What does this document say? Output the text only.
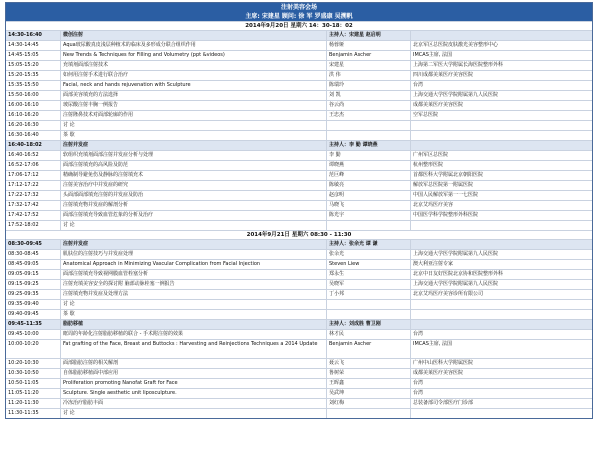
注射美容会场
主席: 宋建星 顾问: 徐 军 罗盛康 吴溯帆
2014年9月20日 星期六 14：30-18：02
14:30-16:40	微创注射	主持人：宋建星 赵启明
14:30-14:45	Aqua玻尿酸真皮浅层种植术的临床及多形成分联合组织作用	杨蓉娅	北京军区总医院皮肤激光美容整形中心
14:45-15:05	New Trends & Techniques for Filling and Volumetry (ppt &videos)	Benjamin Ascher	IMCAS主席, 法国
15:05-15:20	充填剂面部注射技术	宋建星	上海第二军医大学附属长海医院整形外科
15:20-15:35	如何用注射手术进行联合治疗	洪 伟	四川成都美莱医疗美容医院
15:35-15:50	Facial, neck and hands rejuvenation with Sculpture	陈瑞玲	台湾
15:50-16:00	面部美容填充的方法选择	刘 凯	上海交通大学医学院附属第九人民医院
16:00-16:10	玻尿酸注射丰胸一例报告	谷云尚	成都美莱医疗美容医院
16:10-16:20	注射隆鼻技术对面部轮廓的作用	王忠杰	空军总医院
16:20-16:30	讨 论
16:30-16:40	茶 歇
16:40-18:02	注射并发症	主持人：李 勤 谭晓燕
16:40-16:52	软组织充填剂面部注射并发症分析与处理	李 勤	广州军区总医院
16:52-17:06	面部注射填充的高风险及防范	谭晓燕	杭州整形医院
17:06-17:12	精确制导避免伤及静脉的注射填充术	范巨峰	首都医科大学附属北京朝阳医院
17:12-17:22	注射美容治疗中并发症的研究	陈敏亮	解放军总医院第一附属医院
17:22-17:32	头面部面部填充注射的并发症及防治	赵彦明	中国人民解放军第一一七医院
17:32-17:42	注射填充物并发症的解剖分析	马晓飞	北京艾玛医疗美容
17:42-17:52	面部注射填充导致血管危象的分析及治疗	陈光宇	中国医学科学院整形外科医院
17:52-18:02	讨 论
2014年9月21日 星期六 08:30 - 11:30
08:30-09:45	注射并发症	主持人：张余光 谭 谦
08:30-08:45	肌肤位的注射技巧与并发症处理	张余光	上海交通大学医学院附属第九人民医院
08:45-09:05	Anatomical Approach in Minimizing Vascular Complication from Facial Injection	Steven Liew	澳大利亚注射专家
09:05-09:15	面部注射填充导致视网膜血管栓塞分析	郑永生	北京中日友好医院北京协和医院整形外科
09:15-09:25	注射充填美容安全的探讨附 脑部动脉栓塞一例报告	吴晓军	上海交通大学医学院附属第九人民医院
09:25-09:35	注射填充物并发症及处理方法	丁小邦	北京艾玛医疗美容诊所有限公司
09:35-09:40	讨 论
09:40-09:45	茶 歇
09:45-11:35	脂肪移植	主持人：刘成胜 曹卫刚
09:45-10:00	眶周的年龄化注射脂肪移植的联合 - 手术附注射的效果	林才民	台湾
10:00-10:20	Fat grafting of the Face, Breast and Buttocks : Harvesting and Reinjections Techniques a 2014 Update	Benjamin Ascher	IMCAS主席, 法国
10:20-10:30	面部脂肪注射的相关解剖	聂云飞	广州中山医科大学附属医院
10:30-10:50	自体脂肪移植面中部应用	鲁树荣	成都美莱医疗美容医院
10:50-11:05	Proliferation promoting Nanofat Graft for Face	王晖鑫	台湾
11:05-11:20	Sculpture. Single aesthetic unit liposculpture.	吴武坤	台湾
11:20-11:30	冷冻治疗脂肪丰面	刘红梅	总装备部司令部医疗门诊部
11:30-11:35	讨 论
